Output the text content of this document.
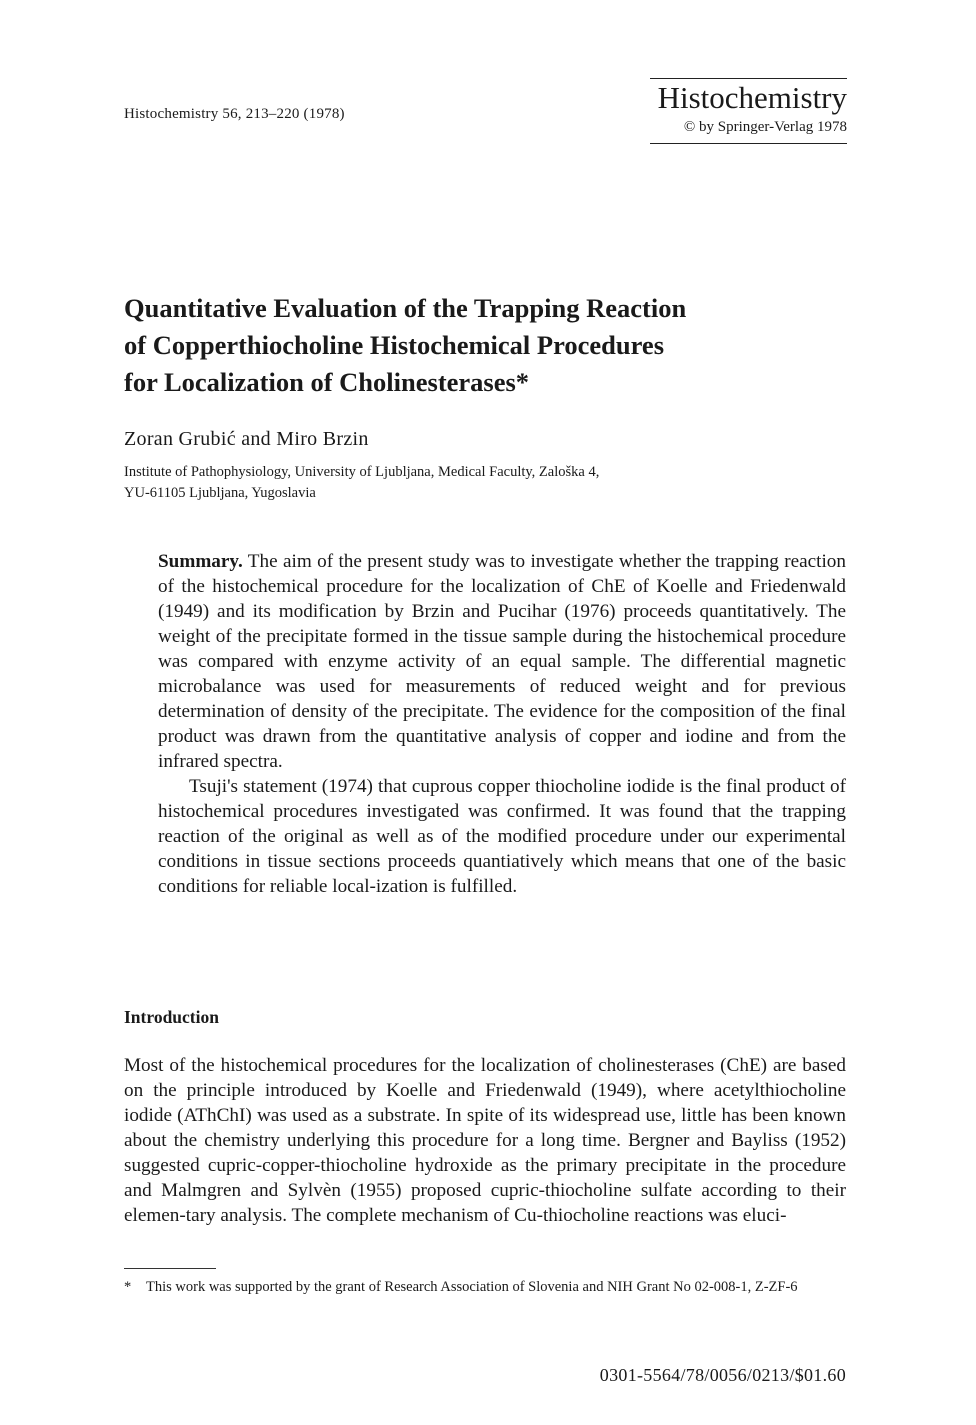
Histochemistry 56, 213–220 (1978)	Histochemistry
© by Springer-Verlag 1978
Quantitative Evaluation of the Trapping Reaction
of Copperthiocholine Histochemical Procedures
for Localization of Cholinesterases*
Zoran Grubić and Miro Brzin
Institute of Pathophysiology, University of Ljubljana, Medical Faculty, Zaloška 4,
YU-61105 Ljubljana, Yugoslavia

Summary. The aim of the present study was to investigate whether the trapping reaction of the histochemical procedure for the localization of ChE of Koelle and Friedenwald (1949) and its modification by Brzin and Pucihar (1976) proceeds quantitatively. The weight of the precipitate formed in the tissue sample during the histochemical procedure was compared with enzyme activity of an equal sample. The differential magnetic microbalance was used for measurements of reduced weight and for previous determination of density of the precipitate. The evidence for the composition of the final product was drawn from the quantitative analysis of copper and iodine and from the infrared spectra.

Tsuji's statement (1974) that cuprous copper thiocholine iodide is the final product of histochemical procedures investigated was confirmed. It was found that the trapping reaction of the original as well as of the modified procedure under our experimental conditions in tissue sections proceeds quantiatively which means that one of the basic conditions for reliable local-ization is fulfilled.

Introduction

Most of the histochemical procedures for the localization of cholinesterases (ChE) are based on the principle introduced by Koelle and Friedenwald (1949), where acetylthiocholine iodide (AThChI) was used as a substrate. In spite of its widespread use, little has been known about the chemistry underlying this procedure for a long time. Bergner and Bayliss (1952) suggested cupric-copper-thiocholine hydroxide as the primary precipitate in the procedure and Malmgren and Sylvèn (1955) proposed cupric-thiocholine sulfate according to their elemen-tary analysis. The complete mechanism of Cu-thiocholine reactions was eluci-

* This work was supported by the grant of Research Association of Slovenia and NIH Grant No 02-008-1, Z-ZF-6

0301-5564/78/0056/0213/$01.60
